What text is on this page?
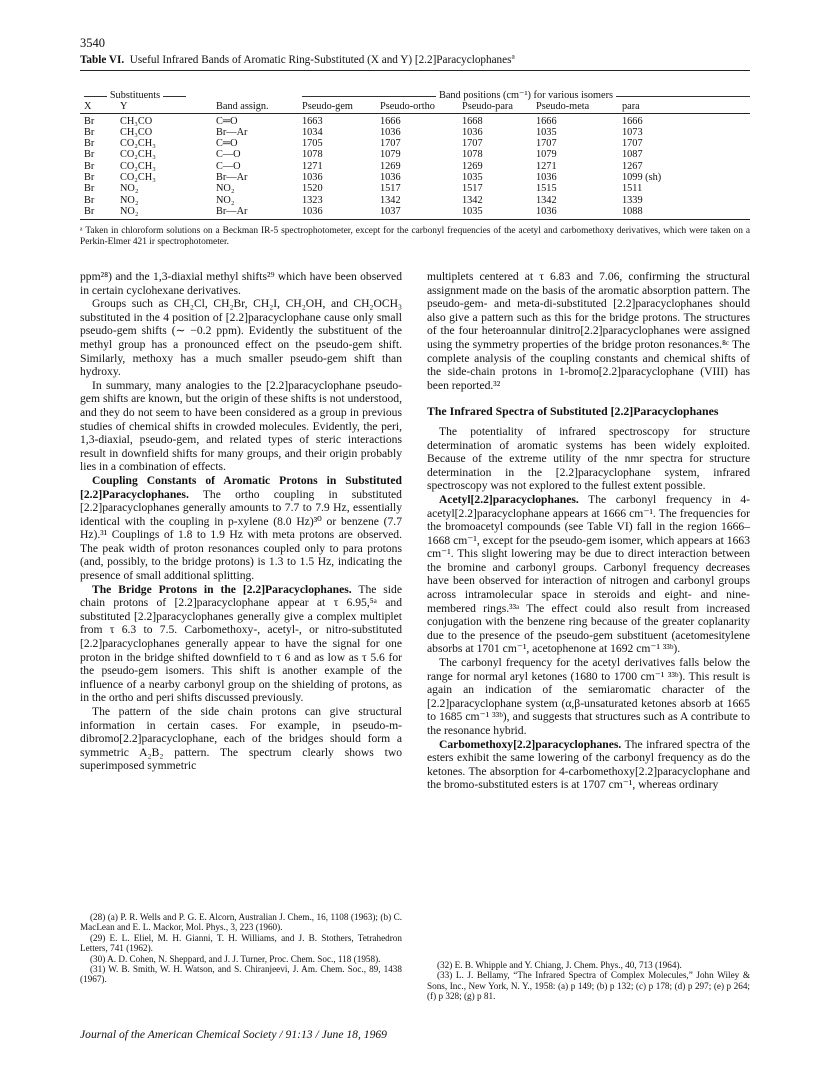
3540
Table VI. Useful Infrared Bands of Aromatic Ring-Substituted (X and Y) [2.2]Paracyclophanes$^a$
Substituents			Band positions (cm⁻¹) for various isomers				

X	Y	Band assign.	Pseudo-gem	Pseudo-ortho	Pseudo-para	Pseudo-meta	para
Br	CH₃CO	C═O	1663	1666	1668	1666	1666
Br	CH₃CO	Br—Ar	1034	1036	1036	1035	1073
Br	CO₂CH₃	C═O	1705	1707	1707	1707	1707
Br	CO₂CH₃	C—O	1078	1079	1078	1079	1087
Br	CO₂CH₃	C—O	1271	1269	1269	1271	1267
Br	CO₂CH₃	Br—Ar	1036	1036	1035	1036	1099 (sh)
Br	NO₂	NO₂	1520	1517	1517	1515	1511
Br	NO₂	NO₂	1323	1342	1342	1342	1339
Br	NO₂	Br—Ar	1036	1037	1035	1036	1088
ᵃ Taken in chloroform solutions on a Beckman IR-5 spectrophotometer, except for the carbonyl frequencies of the acetyl and carbomethoxy derivatives, which were taken on a Perkin-Elmer 421 ir spectrophotometer.

ppm²⁸) and the 1,3-diaxial methyl shifts²⁹ which have been observed in certain cyclohexane derivatives.

Groups such as CH₂Cl, CH₂Br, CH₂I, CH₂OH, and CH₂OCH₃ substituted in the 4 position of [2.2]paracyclophane cause only small pseudo-gem shifts (∼ −0.2 ppm). Evidently the substituent of the methyl group has a pronounced effect on the pseudo-gem shift. Similarly, methoxy has a much smaller pseudo-gem shift than hydroxy.

In summary, many analogies to the [2.2]paracyclophane pseudo-gem shifts are known, but the origin of these shifts is not understood, and they do not seem to have been considered as a group in previous studies of chemical shifts in crowded molecules. Evidently, the peri, 1,3-diaxial, pseudo-gem, and related types of steric interactions result in downfield shifts for many groups, and their origin probably lies in a combination of effects.

Coupling Constants of Aromatic Protons in Substituted [2.2]Paracyclophanes. The ortho coupling in substituted [2.2]paracyclophanes generally amounts to 7.7 to 7.9 Hz, essentially identical with the coupling in p-xylene (8.0 Hz)³⁰ or benzene (7.7 Hz).³¹ Couplings of 1.8 to 1.9 Hz with meta protons are observed. The peak width of proton resonances coupled only to para protons (and, possibly, to the bridge protons) is 1.3 to 1.5 Hz, indicating the presence of small additional splitting.

The Bridge Protons in the [2.2]Paracyclophanes. The side chain protons of [2.2]paracyclophane appear at τ 6.95,⁵ᵃ and substituted [2.2]paracyclophanes generally give a complex multiplet from τ 6.3 to 7.5. Carbomethoxy-, acetyl-, or nitro-substituted [2.2]paracyclophanes generally appear to have the signal for one proton in the bridge shifted downfield to τ 6 and as low as τ 5.6 for the pseudo-gem isomers. This shift is another example of the influence of a nearby carbonyl group on the shielding of protons, as in the ortho and peri shifts discussed previously.

The pattern of the side chain protons can give structural information in certain cases. For example, in pseudo-m-dibromo[2.2]paracyclophane, each of the bridges should form a symmetric A₂B₂ pattern. The spectrum clearly shows two superimposed symmetric

multiplets centered at τ 6.83 and 7.06, confirming the structural assignment made on the basis of the aromatic absorption pattern. The pseudo-gem- and meta-di-substituted [2.2]paracyclophanes should also give a pattern such as this for the bridge protons. The structures of the four heteroannular dinitro[2.2]paracyclophanes were assigned using the symmetry properties of the bridge proton resonances.⁸ᶜ The complete analysis of the coupling constants and chemical shifts of the side-chain protons in 1-bromo[2.2]paracyclophane (VIII) has been reported.³²

The Infrared Spectra of Substituted [2.2]Paracyclophanes

The potentiality of infrared spectroscopy for structure determination of aromatic systems has been widely exploited. Because of the extreme utility of the nmr spectra for structure determination in the [2.2]paracyclophane system, infrared spectroscopy was not explored to the fullest extent possible.

Acetyl[2.2]paracyclophanes. The carbonyl frequency in 4-acetyl[2.2]paracyclophane appears at 1666 cm⁻¹. The frequencies for the bromoacetyl compounds (see Table VI) fall in the region 1666–1668 cm⁻¹, except for the pseudo-gem isomer, which appears at 1663 cm⁻¹. This slight lowering may be due to direct interaction between the bromine and carbonyl groups. Carbonyl frequency decreases have been observed for interaction of nitrogen and carbonyl groups across intramolecular space in steroids and eight- and nine-membered rings.³³ᵃ The effect could also result from increased conjugation with the benzene ring because of the greater coplanarity due to the presence of the pseudo-gem substituent (acetomesitylene absorbs at 1701 cm⁻¹, acetophenone at 1692 cm⁻¹ ³³ᵇ).

The carbonyl frequency for the acetyl derivatives falls below the range for normal aryl ketones (1680 to 1700 cm⁻¹ ³³ᵇ). This result is again an indication of the semiaromatic character of the [2.2]paracyclophane system (α,β-unsaturated ketones absorb at 1665 to 1685 cm⁻¹ ³³ᵇ), and suggests that structures such as A contribute to the resonance hybrid.

Carbomethoxy[2.2]paracyclophanes. The infrared spectra of the esters exhibit the same lowering of the carbonyl frequency as do the ketones. The absorption for 4-carbomethoxy[2.2]paracyclophane and the bromo-substituted esters is at 1707 cm⁻¹, whereas ordinary

(28) (a) P. R. Wells and P. G. E. Alcorn, Australian J. Chem., 16, 1108 (1963); (b) C. MacLean and E. L. Mackor, Mol. Phys., 3, 223 (1960).

(29) E. L. Eliel, M. H. Gianni, T. H. Williams, and J. B. Stothers, Tetrahedron Letters, 741 (1962).

(30) A. D. Cohen, N. Sheppard, and J. J. Turner, Proc. Chem. Soc., 118 (1958).

(31) W. B. Smith, W. H. Watson, and S. Chiranjeevi, J. Am. Chem. Soc., 89, 1438 (1967).

(32) E. B. Whipple and Y. Chiang, J. Chem. Phys., 40, 713 (1964).

(33) L. J. Bellamy, “The Infrared Spectra of Complex Molecules,” John Wiley & Sons, Inc., New York, N. Y., 1958: (a) p 149; (b) p 132; (c) p 178; (d) p 297; (e) p 264; (f) p 328; (g) p 81.

Journal of the American Chemical Society / 91:13 / June 18, 1969
